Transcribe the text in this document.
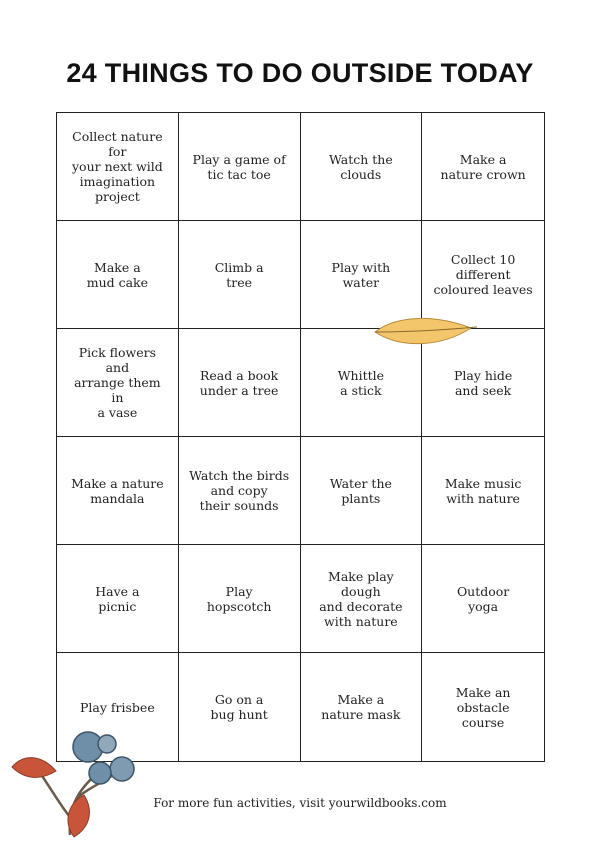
24 THINGS TO DO OUTSIDE TODAY
Collect nature for
your next wild
imagination
project
Play a game of
tic tac toe
Watch the
clouds
Make a
nature crown
Make a
mud cake
Climb a
tree
Play with
water
Collect 10
different
coloured leaves
Pick flowers and
arrange them in
a vase
Read a book
under a tree
Whittle
a stick
Play hide
and seek
Make a nature
mandala
Watch the birds
and copy
their sounds
Water the
plants
Make music
with nature
Have a
picnic
Play
hopscotch
Make play dough
and decorate
with nature
Outdoor
yoga
Play frisbee	Go on a
bug hunt
Make a
nature mask
Make an
obstacle
course
For more fun activities, visit yourwildbooks.com
